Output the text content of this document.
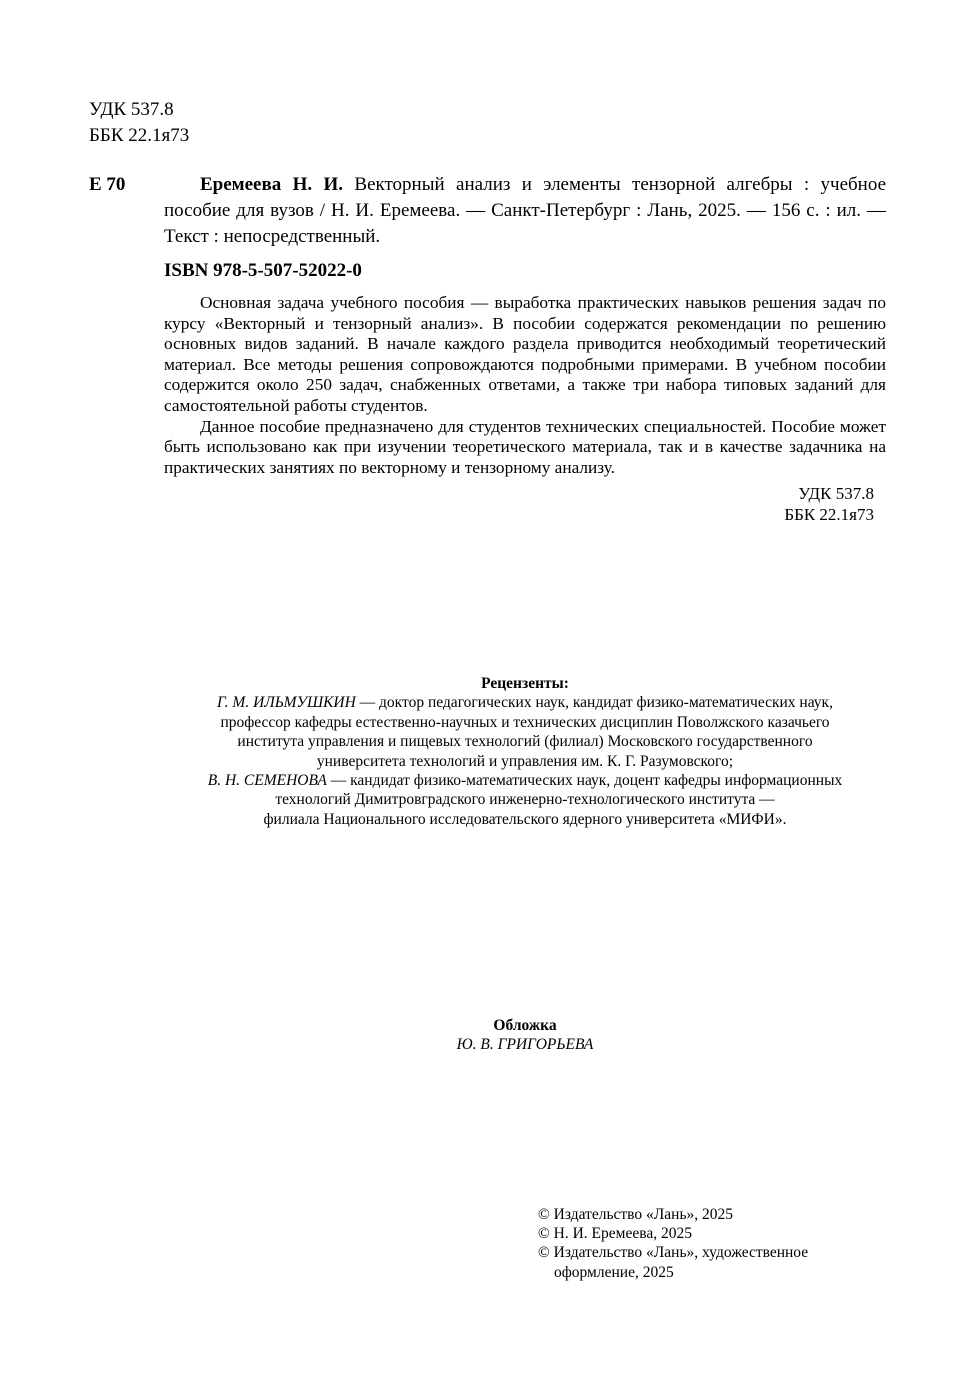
УДК 537.8
ББК 22.1я73
Е 70	Еремеева Н. И. Векторный анализ и элементы тензорной алгебры : учебное пособие для вузов / Н. И. Еремеева. — Санкт-Петербург : Лань, 2025. — 156 с. : ил. — Текст : непосредственный.
ISBN 978-5-507-52022-0

Основная задача учебного пособия — выработка практических навыков решения задач по курсу «Векторный и тензорный анализ». В пособии содержатся рекомендации по решению основных видов заданий. В начале каждого раздела приводится необходимый теоретический материал. Все методы решения сопровождаются подробными примерами. В учебном пособии содержится около 250 задач, снабженных ответами, а также три набора типовых заданий для самостоятельной работы студентов.

Данное пособие предназначено для студентов технических специальностей. Пособие может быть использовано как при изучении теоретического материала, так и в качестве задачника на практических занятиях по векторному и тензорному анализу.

УДК 537.8
ББК 22.1я73
Рецензенты:
Г. М. ИЛЬМУШКИН — доктор педагогических наук, кандидат физико-математических наук,
профессор кафедры естественно-научных и технических дисциплин Поволжского казачьего
института управления и пищевых технологий (филиал) Московского государственного
университета технологий и управления им. К. Г. Разумовского;
В. Н. СЕМЕНОВА — кандидат физико-математических наук, доцент кафедры информационных
технологий Димитровградского инженерно-технологического института —
филиала Национального исследовательского ядерного университета «МИФИ».
Обложка
Ю. В. ГРИГОРЬЕВА
© Издательство «Лань», 2025
© Н. И. Еремеева, 2025
© Издательство «Лань», художественное
оформление, 2025
